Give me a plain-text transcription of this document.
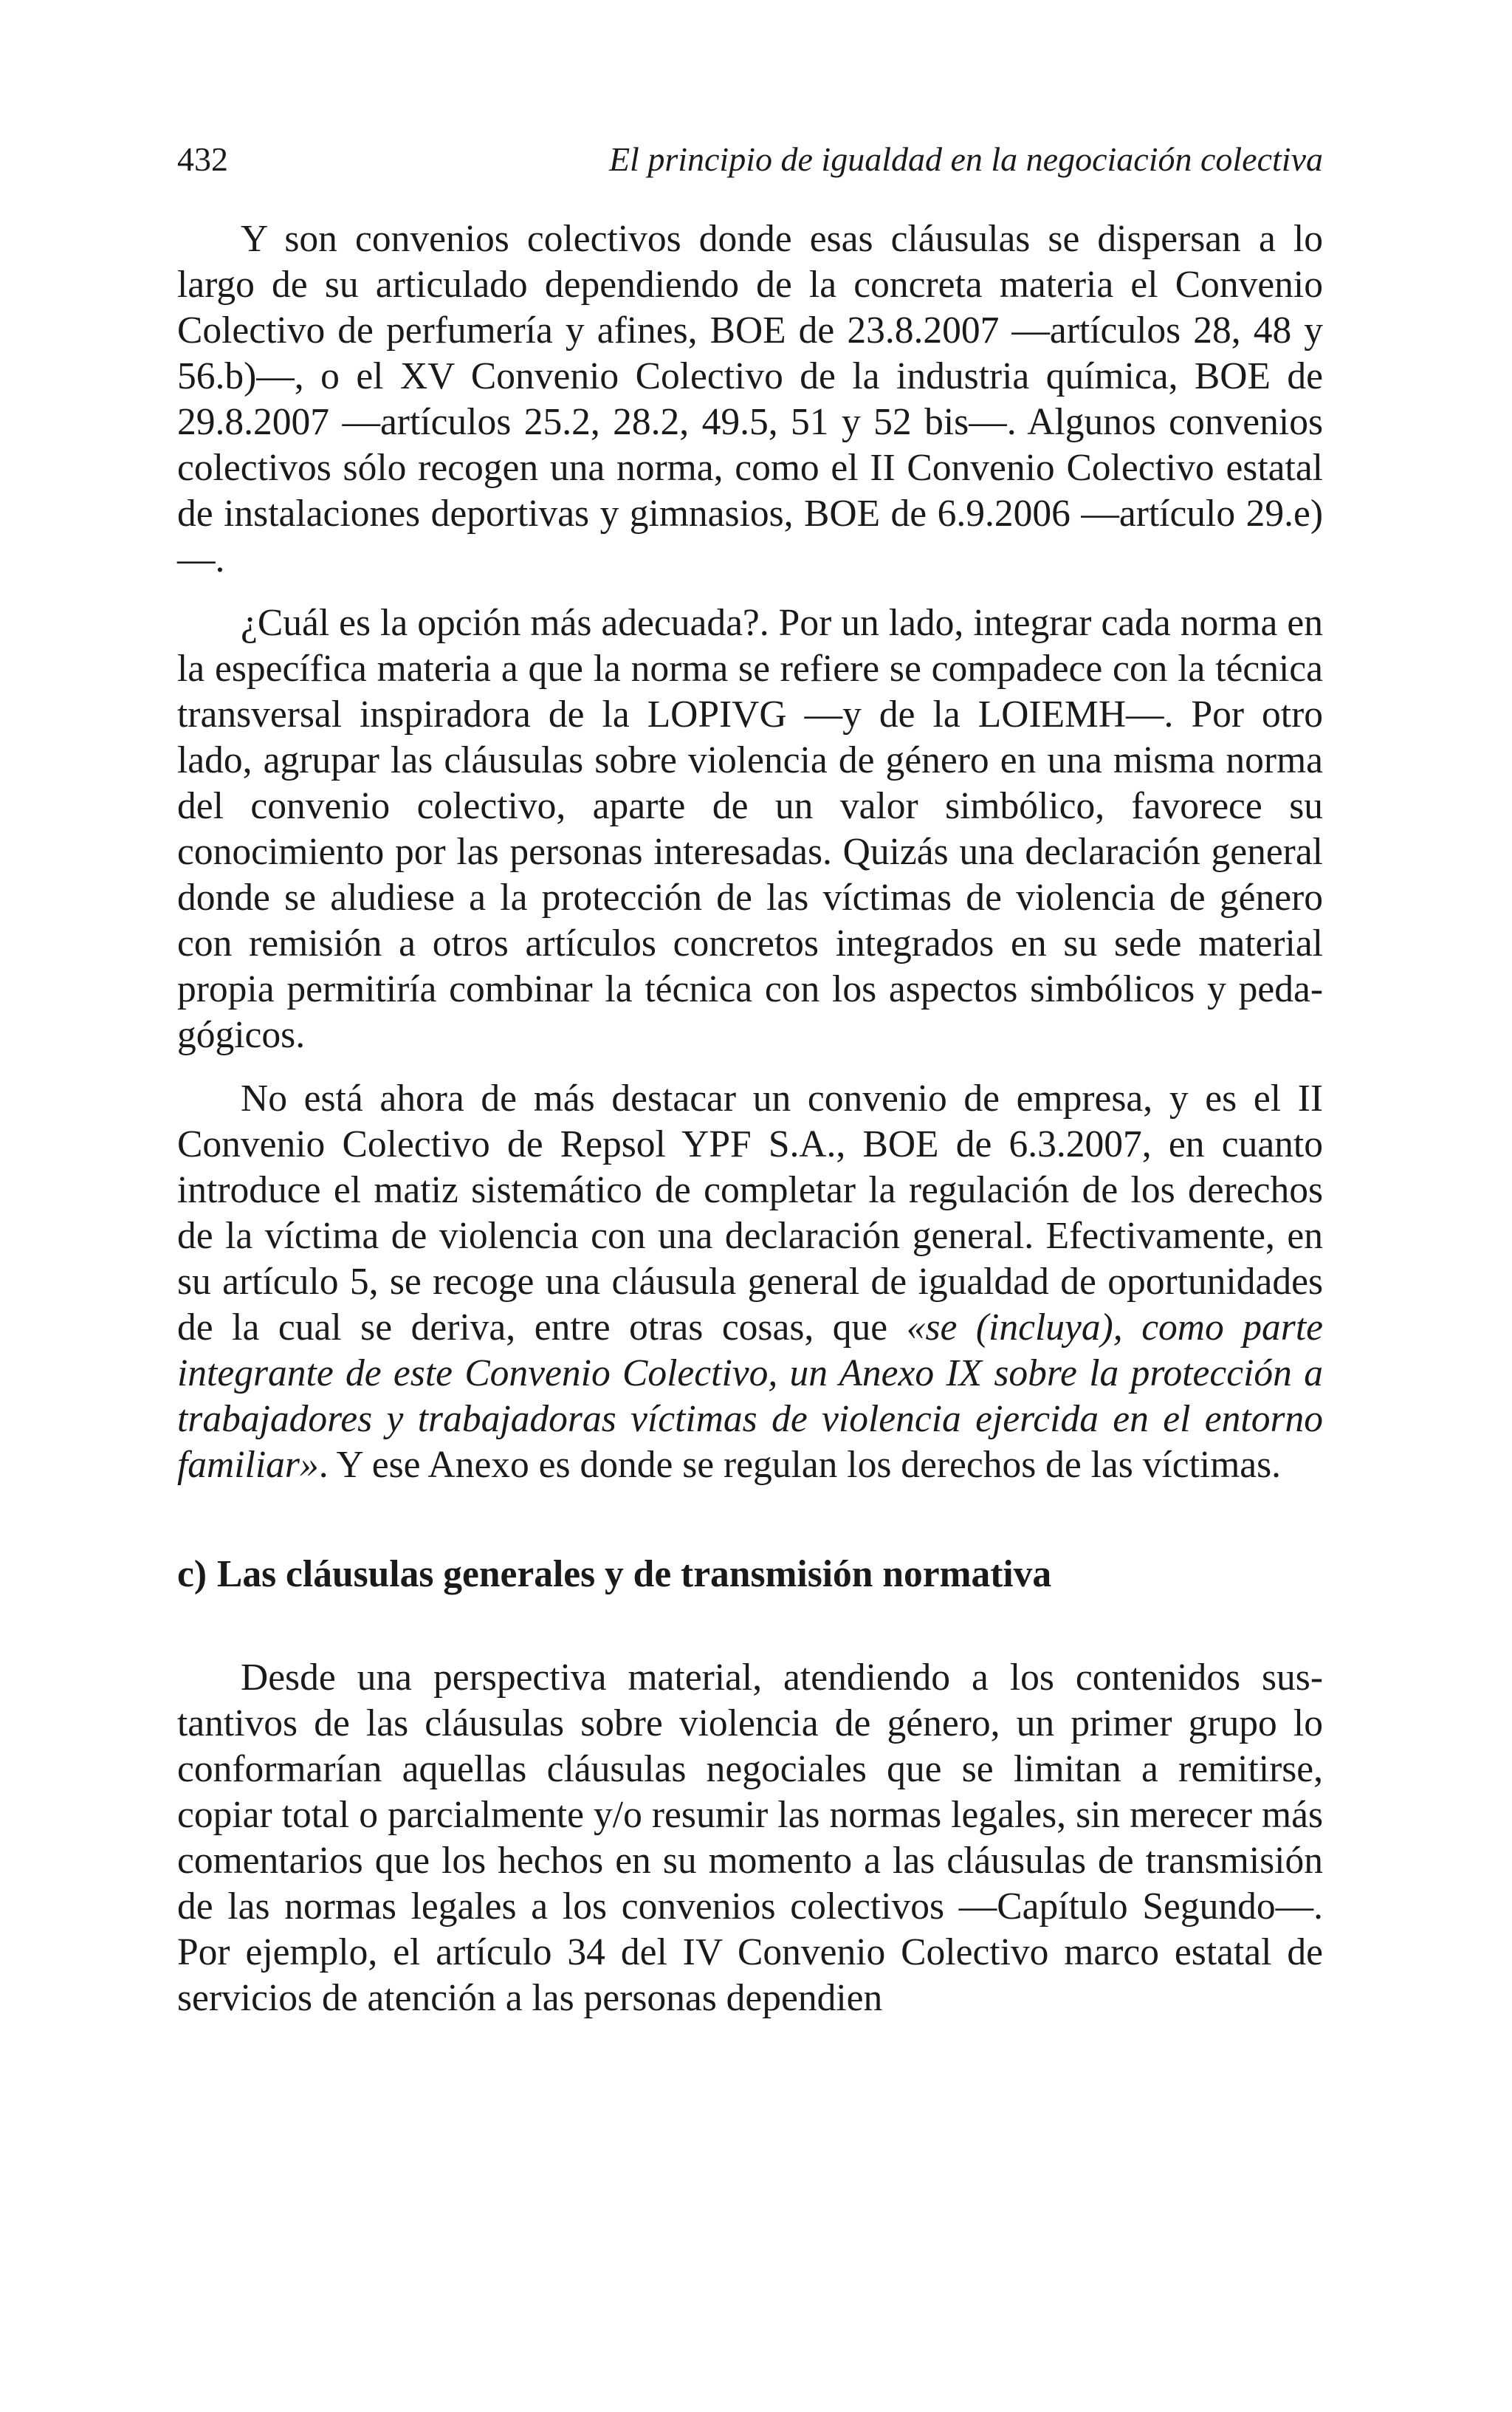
432	El principio de igualdad en la negociación colectiva

Y son convenios colectivos donde esas cláusulas se dispersan a lo largo de su articulado dependiendo de la concreta materia el Convenio Colectivo de perfumería y afines, BOE de 23.8.2007 —artículos 28, 48 y 56.b)—, o el XV Convenio Colectivo de la industria química, BOE de 29.8.2007 —artículos 25.2, 28.2, 49.5, 51 y 52 bis—. Algunos convenios colectivos sólo recogen una norma, como el II Convenio Colectivo estatal de instalaciones deportivas y gimnasios, BOE de 6.9.2006 —artículo 29.e)—.

¿Cuál es la opción más adecuada?. Por un lado, integrar cada norma en la específica materia a que la norma se refiere se compadece con la técnica transversal inspiradora de la LOPIVG —y de la LOIEMH—. Por otro lado, agrupar las cláusulas sobre violencia de género en una misma norma del convenio colectivo, aparte de un valor simbólico, favorece su conocimiento por las personas interesadas. Quizás una declaración general donde se aludiese a la protección de las víctimas de violencia de género con remisión a otros artículos concretos integrados en su sede material propia permitiría combinar la técnica con los aspectos simbólicos y pedagógicos.

No está ahora de más destacar un convenio de empresa, y es el II Convenio Colectivo de Repsol YPF S.A., BOE de 6.3.2007, en cuanto introduce el matiz sistemático de completar la regulación de los derechos de la víctima de violencia con una declaración general. Efectivamente, en su artículo 5, se recoge una cláusula general de igualdad de oportunidades de la cual se deriva, entre otras cosas, que «se (incluya), como parte integrante de este Convenio Colectivo, un Anexo IX sobre la protección a trabajadores y trabajadoras víctimas de violencia ejercida en el entorno familiar». Y ese Anexo es donde se regulan los derechos de las víctimas.

c) Las cláusulas generales y de transmisión normativa

Desde una perspectiva material, atendiendo a los contenidos sustantivos de las cláusulas sobre violencia de género, un primer grupo lo conformarían aquellas cláusulas negociales que se limitan a remitirse, copiar total o parcialmente y/o resumir las normas legales, sin merecer más comentarios que los hechos en su momento a las cláusulas de transmisión de las normas legales a los convenios colectivos —Capítulo Segundo—. Por ejemplo, el artículo 34 del IV Convenio Colectivo marco estatal de servicios de atención a las personas dependien
